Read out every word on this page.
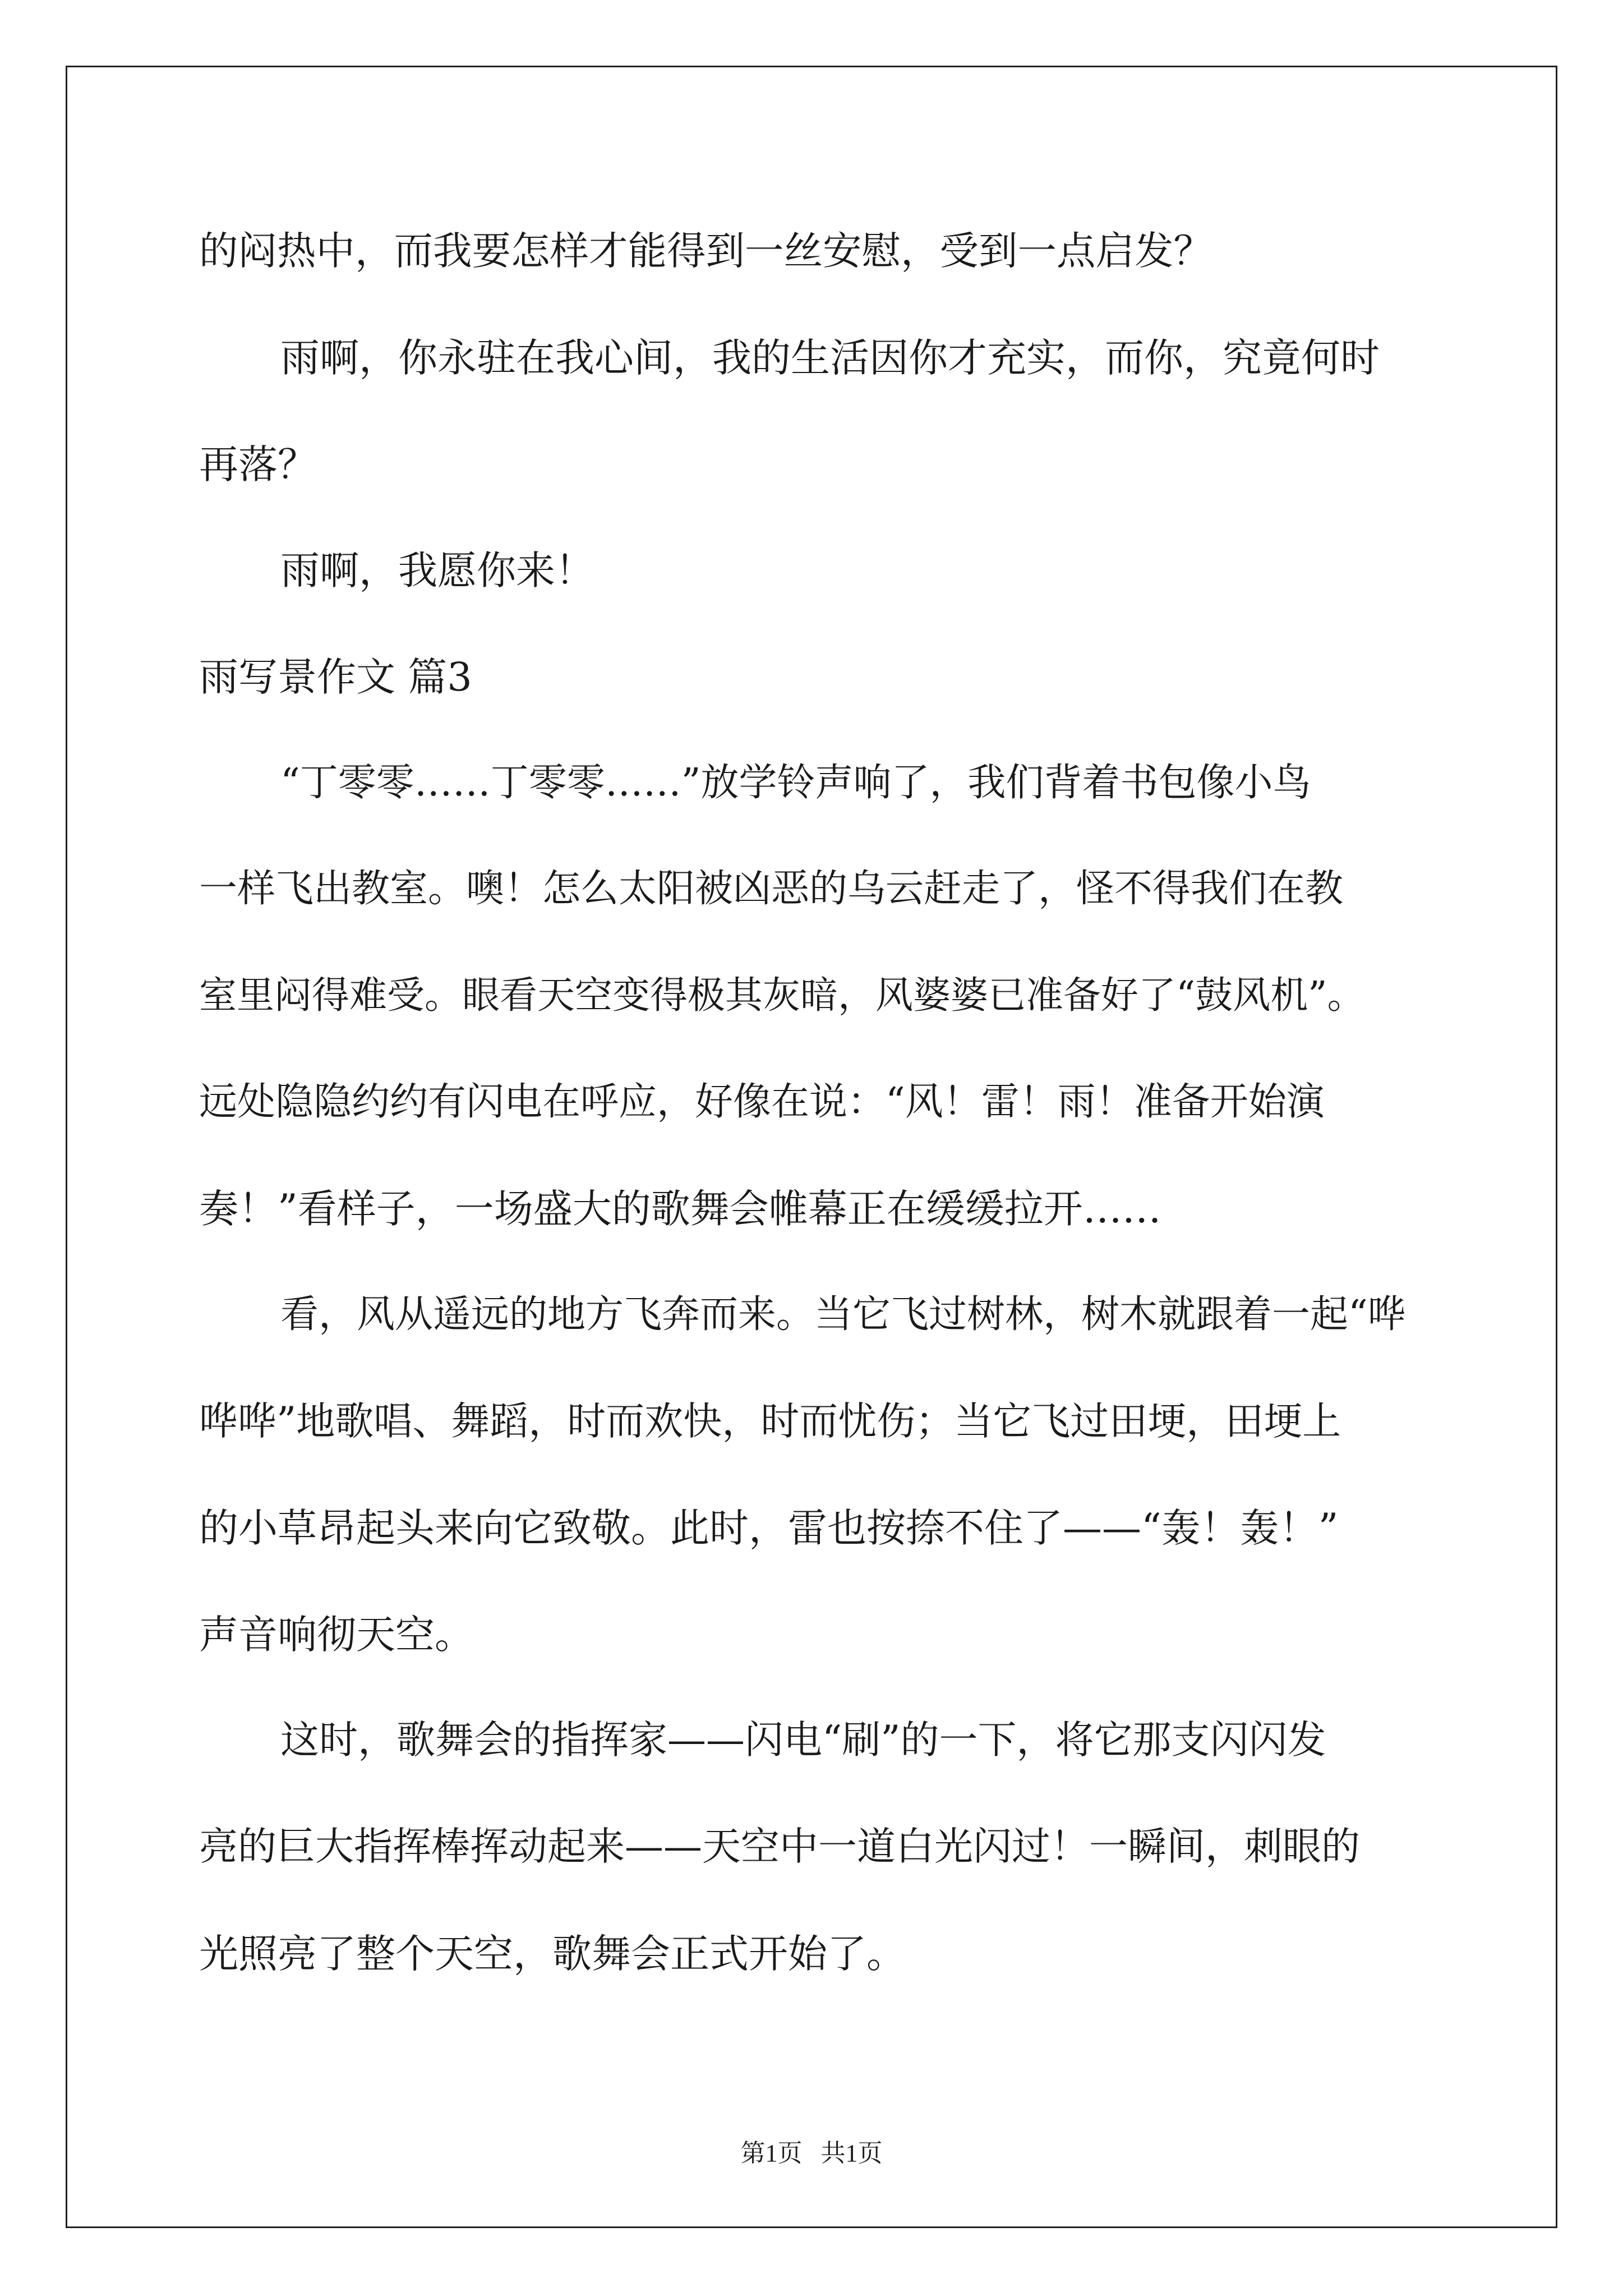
的闷热中，而我要怎样才能得到一丝安慰，受到一点启发？

雨啊，你永驻在我心间，我的生活因你才充实，而你，究竟何时

再落？

雨啊，我愿你来！

雨写景作文 篇3

“丁零零……丁零零……”放学铃声响了，我们背着书包像小鸟

一样飞出教室。噢！怎么太阳被凶恶的乌云赶走了，怪不得我们在教

室里闷得难受。眼看天空变得极其灰暗，风婆婆已准备好了“鼓风机”。

远处隐隐约约有闪电在呼应，好像在说：“风！雷！雨！准备开始演

奏！”看样子，一场盛大的歌舞会帷幕正在缓缓拉开……

看，风从遥远的地方飞奔而来。当它飞过树林，树木就跟着一起“哗

哗哗”地歌唱、舞蹈，时而欢快，时而忧伤；当它飞过田埂，田埂上

的小草昂起头来向它致敬。此时，雷也按捺不住了——“轰！轰！”

声音响彻天空。

这时，歌舞会的指挥家——闪电“刷”的一下，将它那支闪闪发

亮的巨大指挥棒挥动起来——天空中一道白光闪过！一瞬间，刺眼的

光照亮了整个天空，歌舞会正式开始了。

第1页   共1页
